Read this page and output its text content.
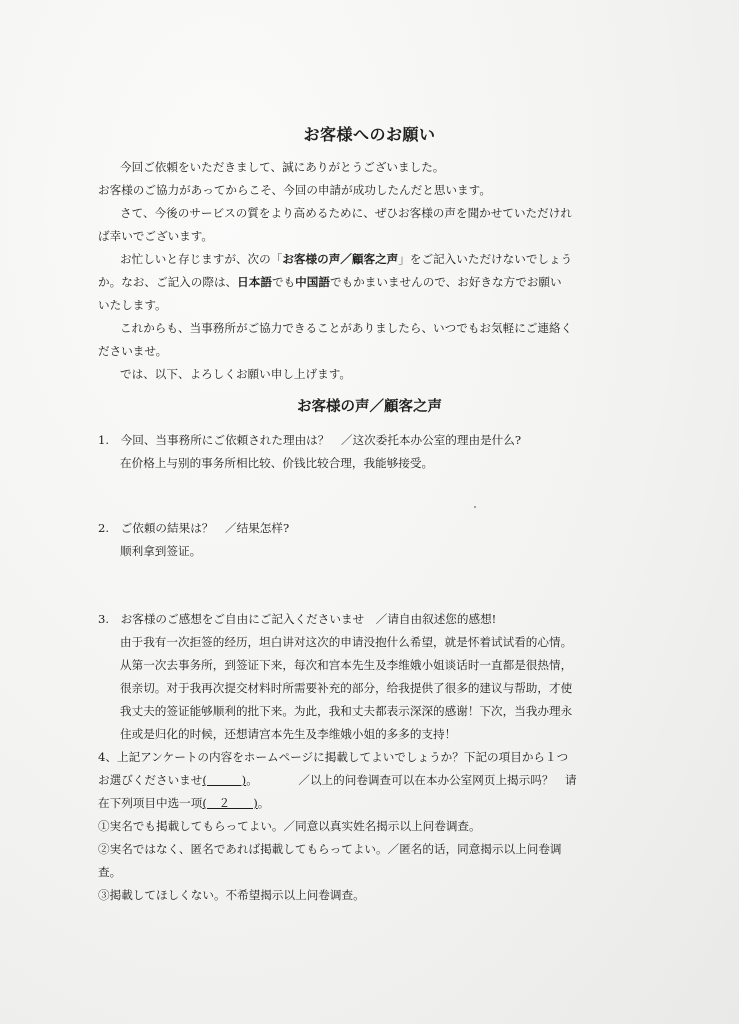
お客様へのお願い
今回ご依頼をいただきまして、誠にありがとうございました。
お客様のご協力があってからこそ、今回の申請が成功したんだと思います。
さて、今後のサービスの質をより高めるために、ぜひお客様の声を聞かせていただけれ
ば幸いでございます。
お忙しいと存じますが、次の「お客様の声／顧客之声」をご記入いただけないでしょう
か。なお、ご記入の際は、日本語でも中国語でもかまいませんので、お好きな方でお願い
いたします。
これからも、当事務所がご協力できることがありましたら、いつでもお気軽にご連絡く
ださいませ。
では、以下、よろしくお願い申し上げます。
お客様の声／顧客之声
1.　今回、当事務所にご依頼された理由は？　／这次委托本办公室的理由是什么?
在价格上与别的事务所相比较、价钱比较合理，我能够接受。
2.　ご依頼の結果は？　／结果怎样?
顺利拿到签证。
3.　お客様のご感想をご自由にご記入くださいませ　／请自由叙述您的感想!
由于我有一次拒签的经历，坦白讲对这次的申请没抱什么希望，就是怀着试试看的心情。
从第一次去事务所，到签证下来，每次和宫本先生及李维娥小姐谈话时一直都是很热情，
很亲切。对于我再次提交材料时所需要补充的部分，给我提供了很多的建议与帮助，才使
我丈夫的签证能够顺利的批下来。为此，我和丈夫都表示深深的感谢！下次，当我办理永
住或是归化的时候，还想请宫本先生及李维娥小姐的多多的支持！
4、上記アンケートの内容をホームページに掲載してよいでしょうか？下記の項目から１つ
お選びくださいませ(　　　)。　　　　／以上的问卷调查可以在本办公室网页上揭示吗？　请
在下列项目中选一项(　２　　)。
①実名でも掲載してもらってよい。／同意以真实姓名揭示以上问卷调查。
②実名ではなく、匿名であれば掲載してもらってよい。／匿名的话，同意揭示以上问卷调
查。
③掲載してほしくない。不希望揭示以上问卷调查。
